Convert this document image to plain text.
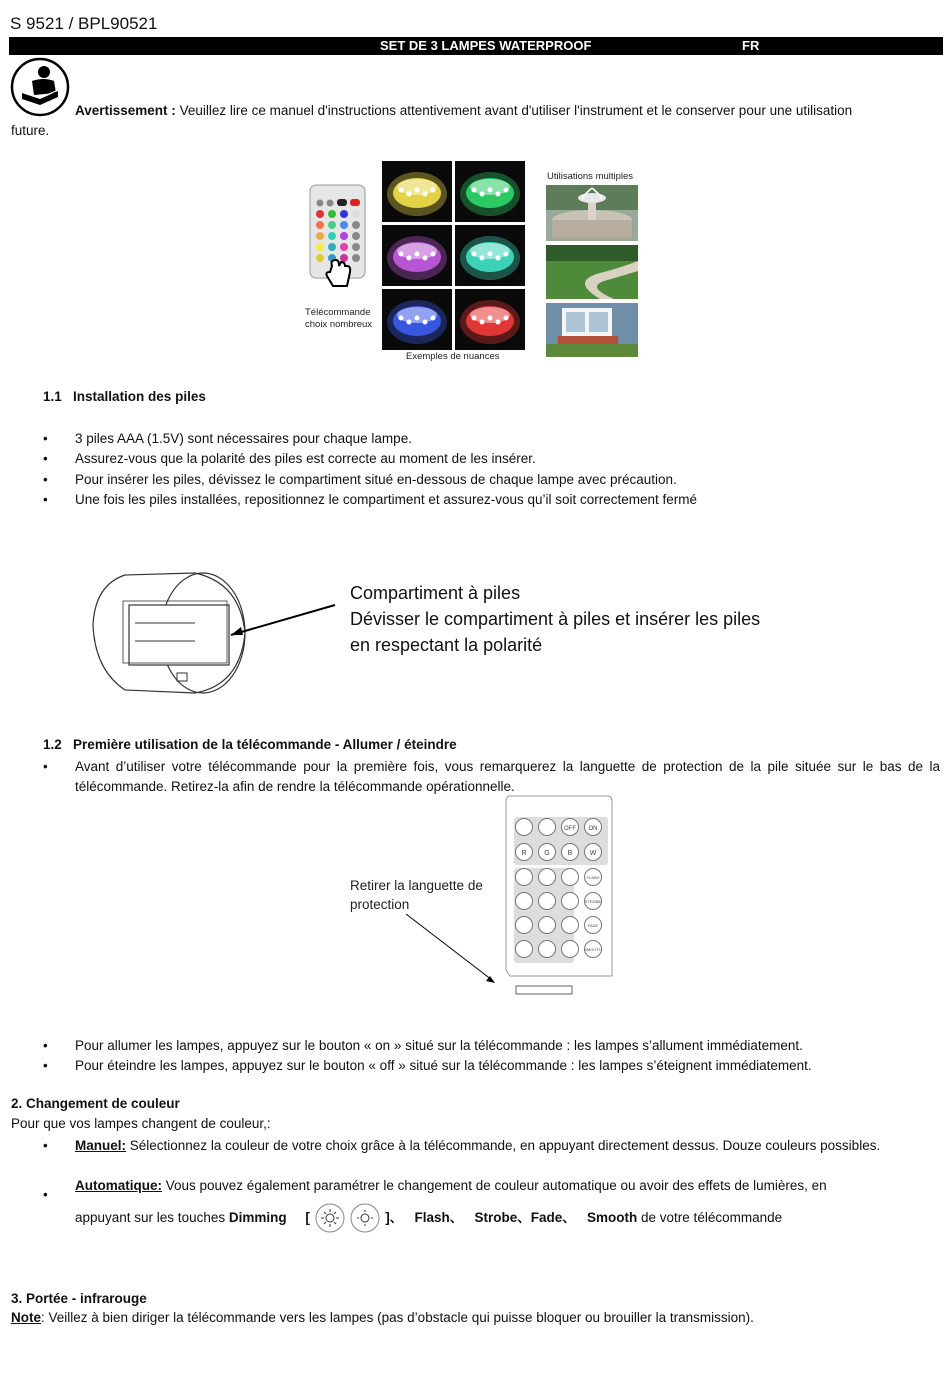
S 9521 / BPL90521
SET DE 3 LAMPES WATERPROOF	FR
Avertissement : Veuillez lire ce manuel d'instructions attentivement avant d'utiliser l'instrument et le conserver pour une utilisation
future.
Télécommande
choix nombreux
Exemples de nuances
Utilisations multiples
1.1 Installation des piles
• 3 piles AAA (1.5V) sont nécessaires pour chaque lampe.
• Assurez-vous que la polarité des piles est correcte au moment de les insérer.
• Pour insérer les piles, dévissez le compartiment situé en-dessous de chaque lampe avec précaution.
• Une fois les piles installées, repositionnez le compartiment et assurez-vous qu’il soit correctement fermé
Compartiment à piles
Dévisser le compartiment à piles et insérer les piles
en respectant la polarité
1.2 Première utilisation de la télécommande - Allumer / éteindre
• Avant d’utiliser votre télécommande pour la première fois, vous remarquerez la languette de protection de la pile située sur le bas de la télécommande. Retirez-la afin de rendre la télécommande opérationnelle.
Retirer la languette de
protection
OFF ON
R	G	B W
FLASH
STROBE
FADE
SMOOTH
• Pour allumer les lampes, appuyez sur le bouton « on » situé sur la télécommande : les lampes s’allument immédiatement.
• Pour éteindre les lampes, appuyez sur le bouton « off » situé sur la télécommande : les lampes s’éteignent immédiatement.
2. Changement de couleur
Pour que vos lampes changent de couleur,:
• Manuel: Sélectionnez la couleur de votre choix grâce à la télécommande, en appuyant directement dessus. Douze couleurs possibles.
• Automatique: Vous pouvez également paramétrer le changement de couleur automatique ou avoir des effets de lumières, en
appuyant sur les touches Dimming [	]、 Flash、 Strobe、Fade、 Smooth de votre télécommande
3. Portée - infrarouge
Note: Veillez à bien diriger la télécommande vers les lampes (pas d’obstacle qui puisse bloquer ou brouiller la transmission).
